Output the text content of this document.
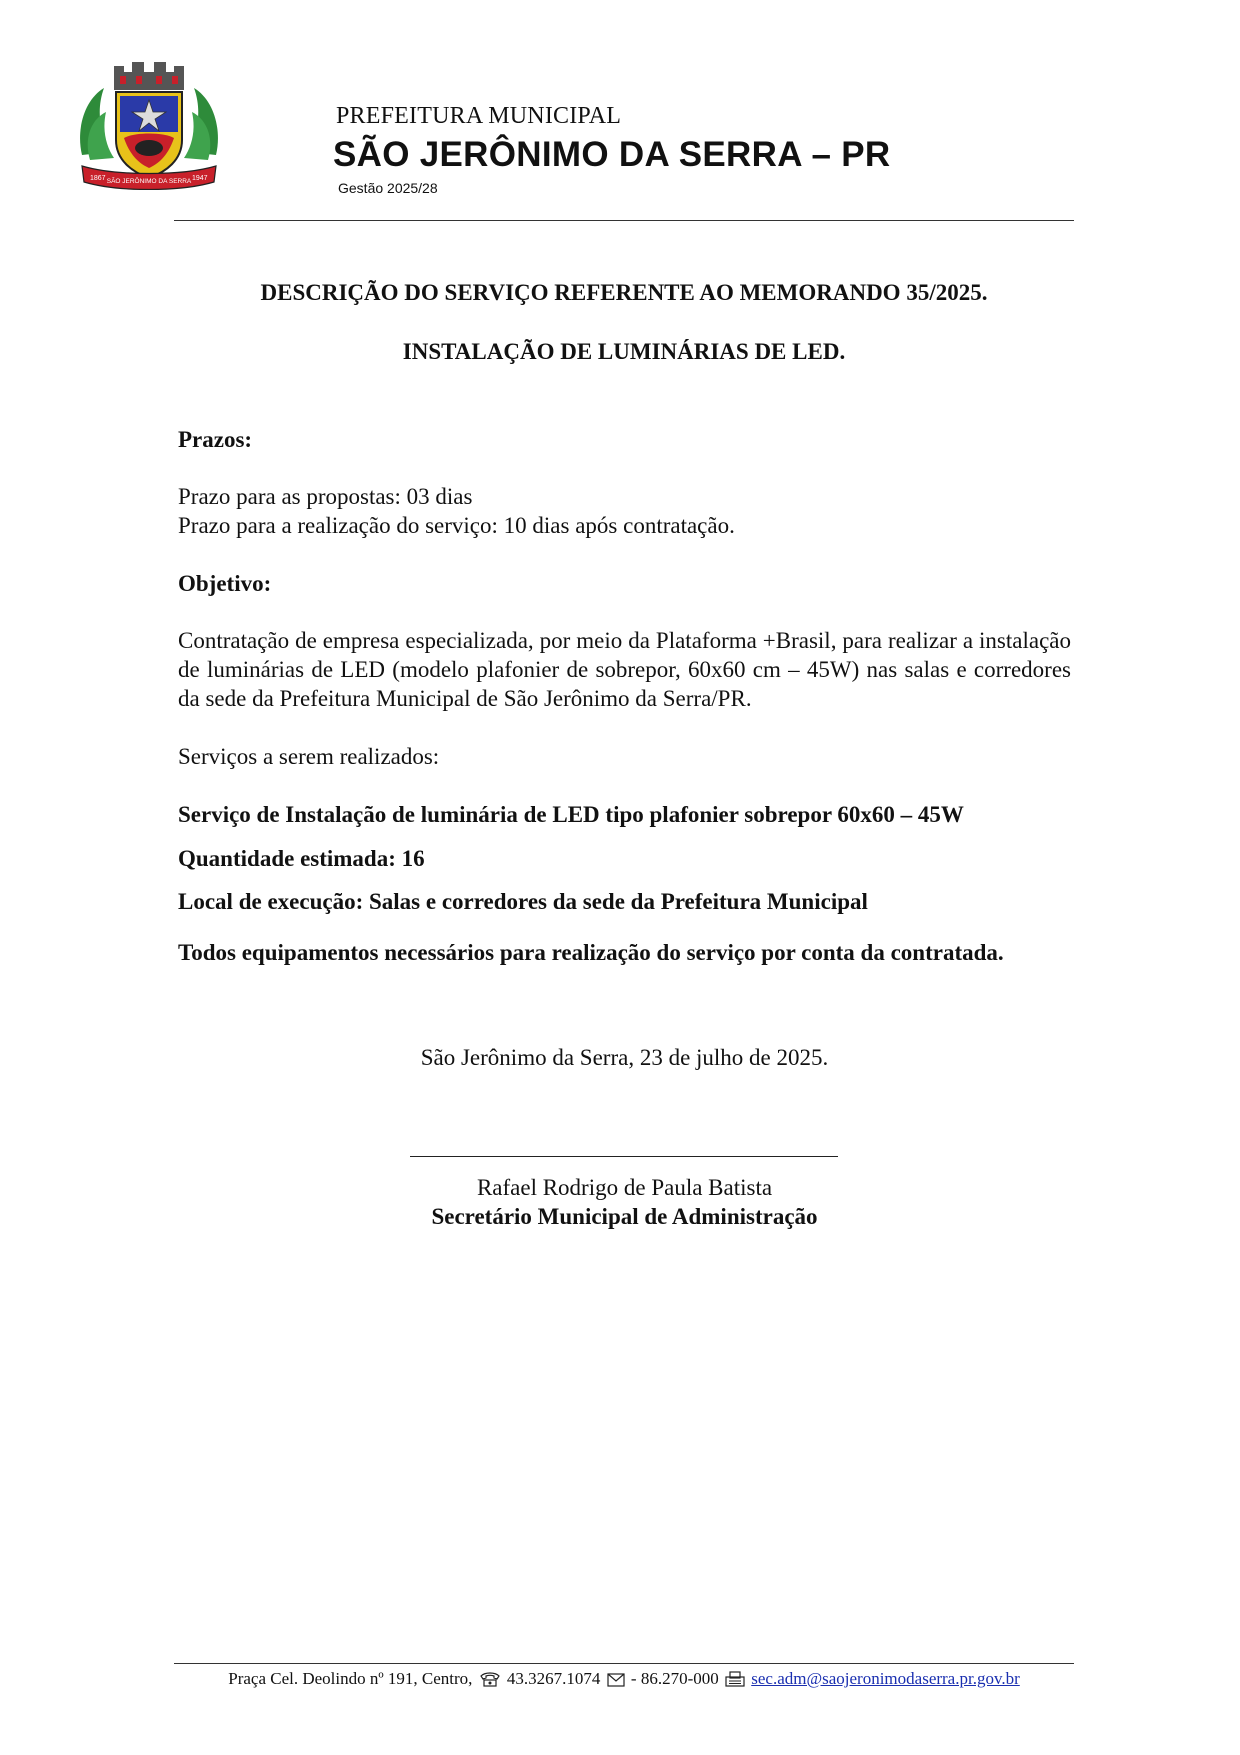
1867 SÃO JERÔNIMO DA SERRA 1947
PREFEITURA MUNICIPAL
SÃO JERÔNIMO DA SERRA – PR
Gestão 2025/28
DESCRIÇÃO DO SERVIÇO REFERENTE AO MEMORANDO 35/2025.
INSTALAÇÃO DE LUMINÁRIAS DE LED.
Prazos:
Prazo para as propostas: 03 dias
Prazo para a realização do serviço: 10 dias após contratação.
Objetivo:
Contratação de empresa especializada, por meio da Plataforma +Brasil, para realizar a instalação de luminárias de LED (modelo plafonier de sobrepor, 60x60 cm – 45W) nas salas e corredores da sede da Prefeitura Municipal de São Jerônimo da Serra/PR.
Serviços a serem realizados:
Serviço de Instalação de luminária de LED tipo plafonier sobrepor 60x60 – 45W
Quantidade estimada: 16
Local de execução: Salas e corredores da sede da Prefeitura Municipal
Todos equipamentos necessários para realização do serviço por conta da contratada.
São Jerônimo da Serra, 23 de julho de 2025.
Rafael Rodrigo de Paula Batista
Secretário Municipal de Administração
Praça Cel. Deolindo nº 191, Centro, 43.3267.1074 - 86.270-000 sec.adm@saojeronimodaserra.pr.gov.br
